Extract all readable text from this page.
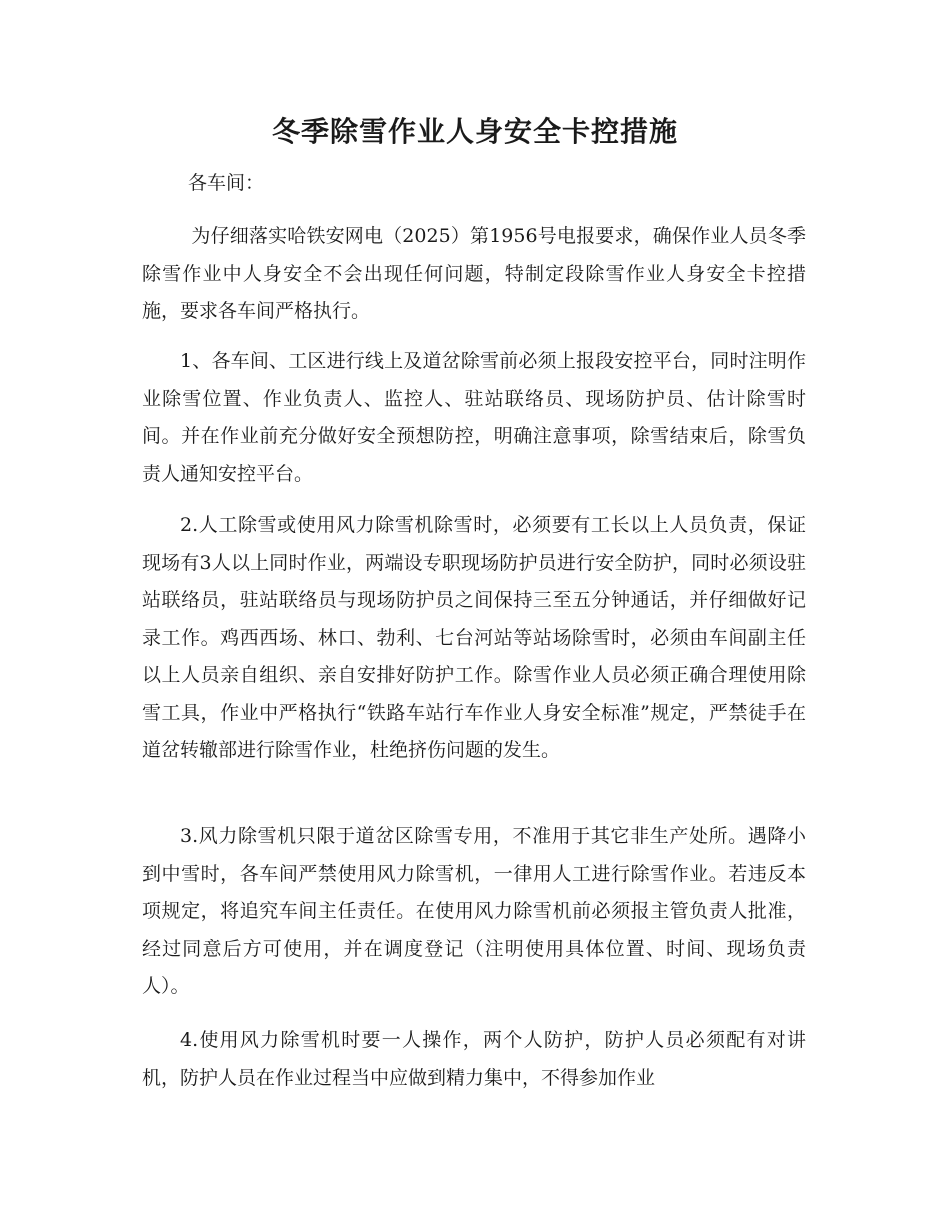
冬季除雪作业人身安全卡控措施
各车间：
为仔细落实哈铁安网电（2025）第1956号电报要求，确保作业人员冬季除雪作业中人身安全不会出现任何问题，特制定段除雪作业人身安全卡控措施，要求各车间严格执行。
1、各车间、工区进行线上及道岔除雪前必须上报段安控平台，同时注明作业除雪位置、作业负责人、监控人、驻站联络员、现场防护员、估计除雪时间。并在作业前充分做好安全预想防控，明确注意事项，除雪结束后，除雪负责人通知安控平台。
2.人工除雪或使用风力除雪机除雪时，必须要有工长以上人员负责，保证现场有3人以上同时作业，两端设专职现场防护员进行安全防护，同时必须设驻站联络员，驻站联络员与现场防护员之间保持三至五分钟通话，并仔细做好记录工作。鸡西西场、林口、勃利、七台河站等站场除雪时，必须由车间副主任以上人员亲自组织、亲自安排好防护工作。除雪作业人员必须正确合理使用除雪工具，作业中严格执行“铁路车站行车作业人身安全标准”规定，严禁徒手在道岔转辙部进行除雪作业，杜绝挤伤问题的发生。
3.风力除雪机只限于道岔区除雪专用，不准用于其它非生产处所。遇降小到中雪时，各车间严禁使用风力除雪机，一律用人工进行除雪作业。若违反本项规定，将追究车间主任责任。在使用风力除雪机前必须报主管负责人批准，经过同意后方可使用，并在调度登记（注明使用具体位置、时间、现场负责人）。
4.使用风力除雪机时要一人操作，两个人防护，防护人员必须配有对讲机，防护人员在作业过程当中应做到精力集中，不得参加作业
